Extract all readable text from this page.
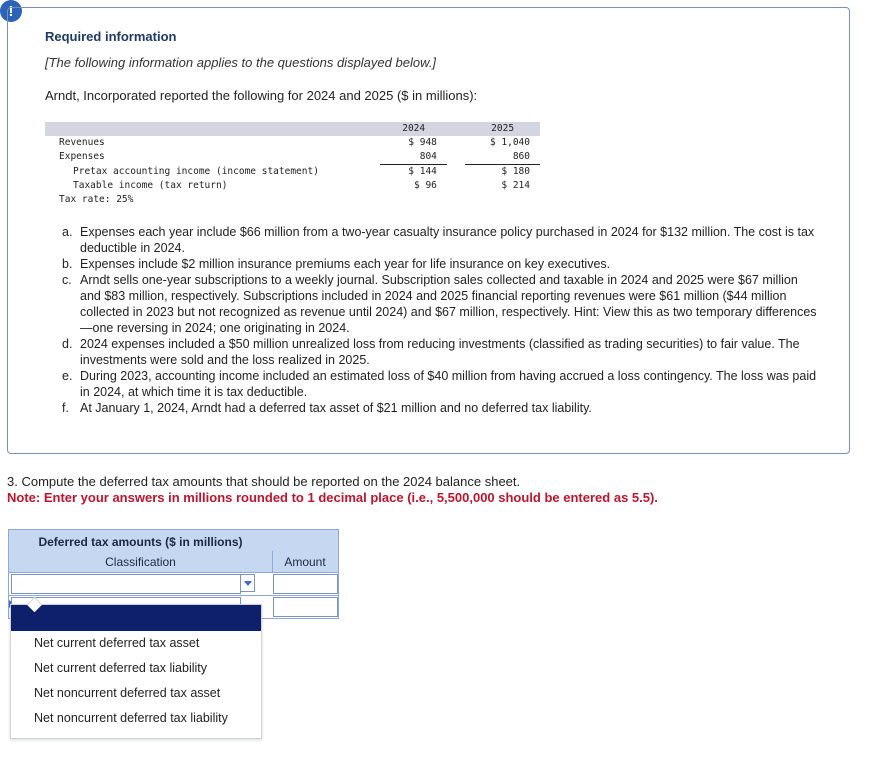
!
Required information
[The following information applies to the questions displayed below.]
Arndt, Incorporated reported the following for 2024 and 2025 ($ in millions):
	2024		2025
Revenues	$ 948		$ 1,040
Expenses	804		860
Pretax accounting income (income statement)	$ 144		$ 180
Taxable income (tax return)	$ 96		$ 214
Tax rate: 25%			
a. Expenses each year include $66 million from a two-year casualty insurance policy purchased in 2024 for $132 million. The cost is tax deductible in 2024.
b. Expenses include $2 million insurance premiums each year for life insurance on key executives.
c. Arndt sells one-year subscriptions to a weekly journal. Subscription sales collected and taxable in 2024 and 2025 were $67 million and $83 million, respectively. Subscriptions included in 2024 and 2025 financial reporting revenues were $61 million ($44 million collected in 2023 but not recognized as revenue until 2024) and $67 million, respectively. Hint: View this as two temporary differences—one reversing in 2024; one originating in 2024.
d. 2024 expenses included a $50 million unrealized loss from reducing investments (classified as trading securities) to fair value. The investments were sold and the loss realized in 2025.
e. During 2023, accounting income included an estimated loss of $40 million from having accrued a loss contingency. The loss was paid in 2024, at which time it is tax deductible.
f. At January 1, 2024, Arndt had a deferred tax asset of $21 million and no deferred tax liability.
3. Compute the deferred tax amounts that should be reported on the 2024 balance sheet.
Note: Enter your answers in millions rounded to 1 decimal place (i.e., 5,500,000 should be entered as 5.5).
Deferred tax amounts ($ in millions)
Classification	Amount
Net current deferred tax asset
Net current deferred tax liability
Net noncurrent deferred tax asset
Net noncurrent deferred tax liability
